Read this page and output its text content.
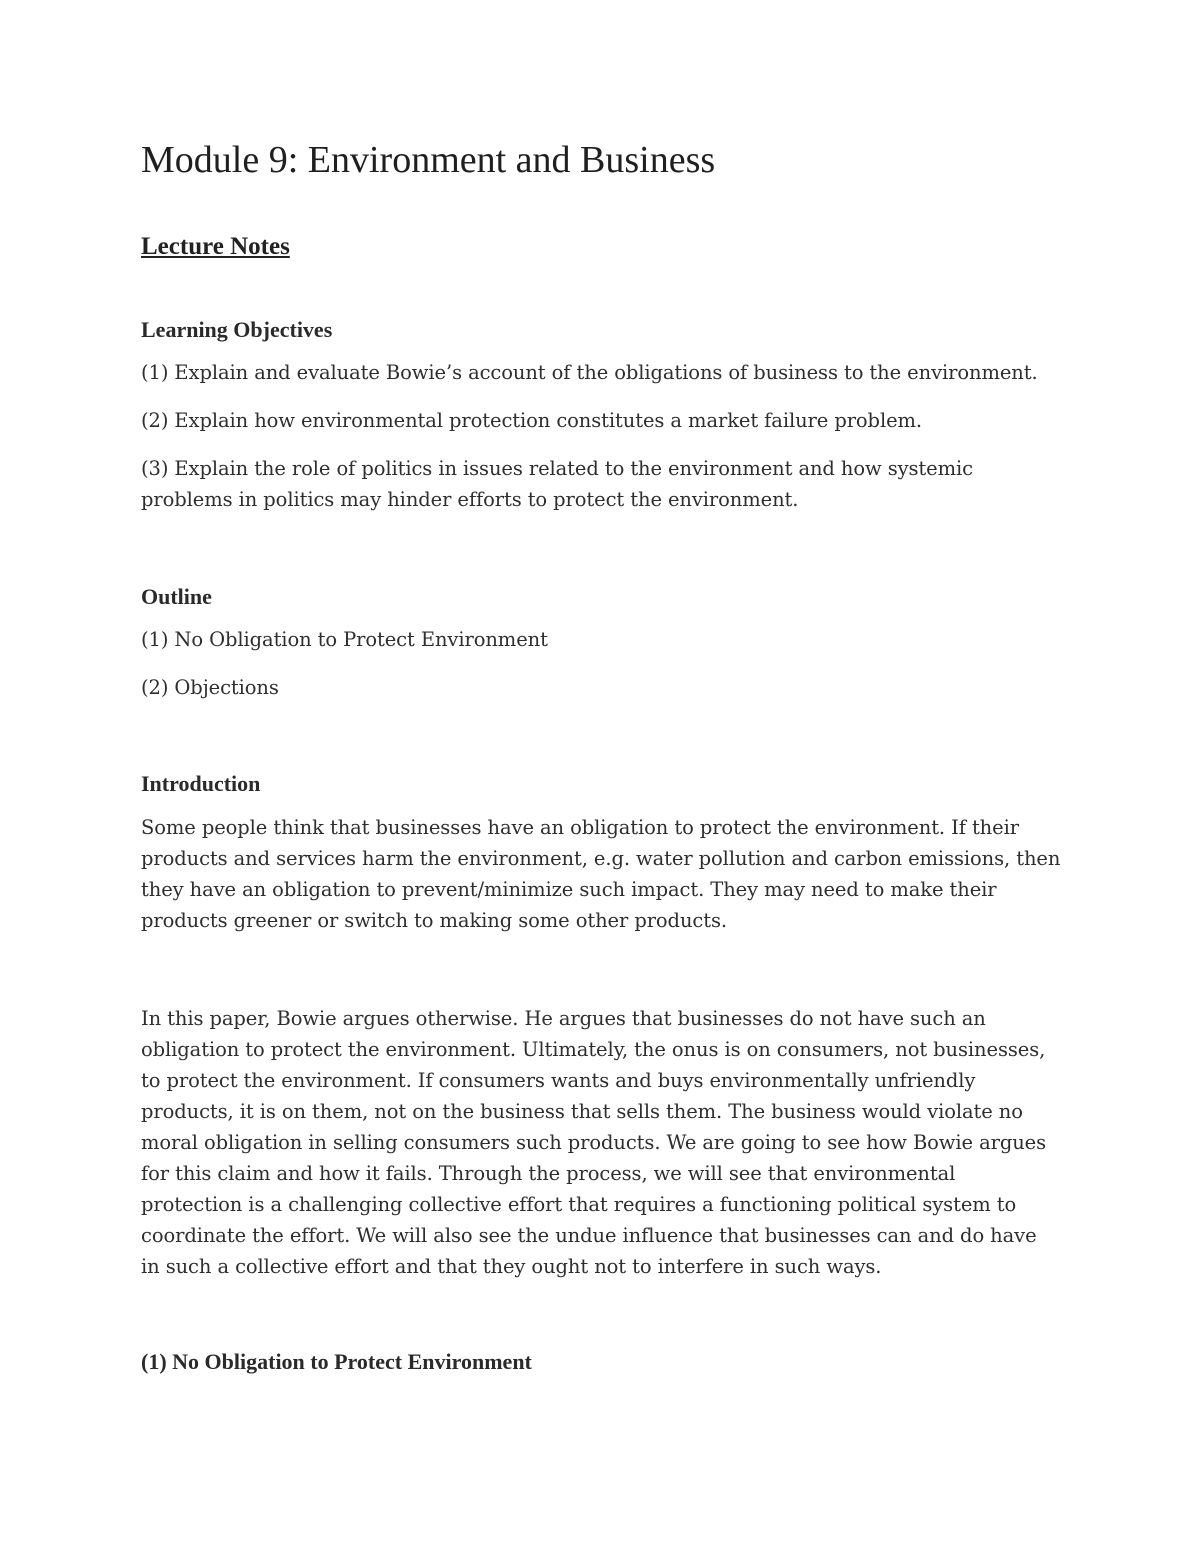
Module 9: Environment and Business
Lecture Notes
Learning Objectives

(1) Explain and evaluate Bowie’s account of the obligations of business to the environment.

(2) Explain how environmental protection constitutes a market failure problem.

(3) Explain the role of politics in issues related to the environment and how systemic problems in politics may hinder efforts to protect the environment.

Outline

(1) No Obligation to Protect Environment

(2) Objections

Introduction

Some people think that businesses have an obligation to protect the environment. If their products and services harm the environment, e.g. water pollution and carbon emissions, then they have an obligation to prevent/minimize such impact. They may need to make their products greener or switch to making some other products.

In this paper, Bowie argues otherwise. He argues that businesses do not have such an obligation to protect the environment. Ultimately, the onus is on consumers, not businesses, to protect the environment. If consumers wants and buys environmentally unfriendly products, it is on them, not on the business that sells them. The business would violate no moral obligation in selling consumers such products. We are going to see how Bowie argues for this claim and how it fails. Through the process, we will see that environmental protection is a challenging collective effort that requires a functioning political system to coordinate the effort. We will also see the undue influence that businesses can and do have in such a collective effort and that they ought not to interfere in such ways.

(1) No Obligation to Protect Environment
